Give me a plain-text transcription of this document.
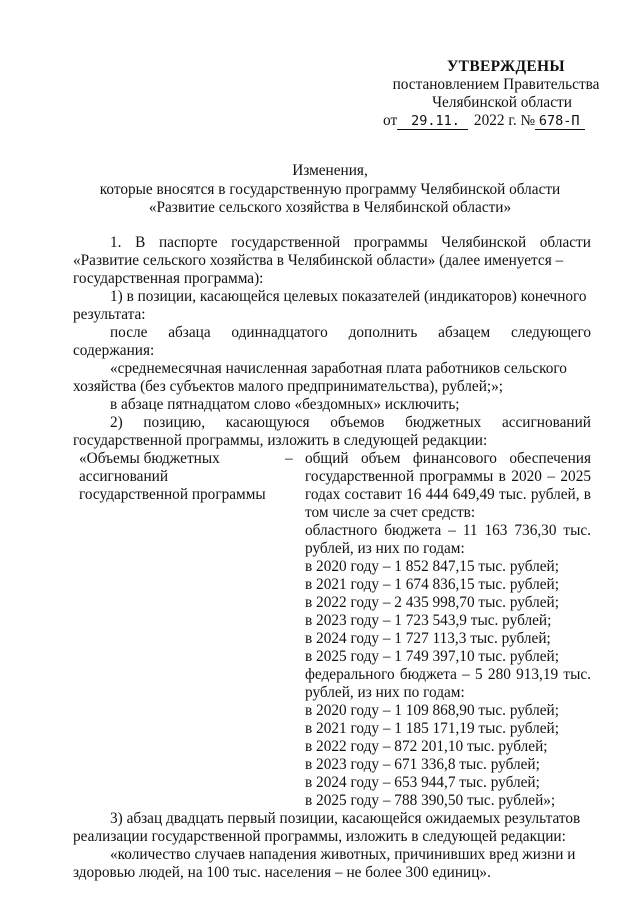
УТВЕРЖДЕНЫ
постановлением Правительства
Челябинской области
от	29.11. 2022 г. № 678-П
Изменения,
которые вносятся в государственную программу Челябинской области
«Развитие сельского хозяйства в Челябинской области»
1. В паспорте государственной программы Челябинской области
«Развитие сельского хозяйства в Челябинской области» (далее именуется –
государственная программа):
1) в позиции, касающейся целевых показателей (индикаторов) конечного
результата:
после абзаца одиннадцатого дополнить абзацем следующего содержания:
«среднемесячная начисленная заработная плата работников сельского
хозяйства (без субъектов малого предпринимательства), рублей;»;
в абзаце пятнадцатом слово «бездомных» исключить;
2) позицию, касающуюся объемов бюджетных ассигнований
государственной программы, изложить в следующей редакции:
«Объемы бюджетных
ассигнований
государственной программы
– общий объем финансового обеспечения государственной программы в 2020 – 2025 годах составит 16 444 649,49 тыс. рублей, в том числе за счет средств:
областного бюджета – 11 163 736,30 тыс. рублей, из них по годам:
в 2020 году – 1 852 847,15 тыс. рублей;
в 2021 году – 1 674 836,15 тыс. рублей;
в 2022 году – 2 435 998,70 тыс. рублей;
в 2023 году – 1 723 543,9 тыс. рублей;
в 2024 году – 1 727 113,3 тыс. рублей;
в 2025 году – 1 749 397,10 тыс. рублей;
федерального бюджета – 5 280 913,19 тыс. рублей, из них по годам:
в 2020 году – 1 109 868,90 тыс. рублей;
в 2021 году – 1 185 171,19 тыс. рублей;
в 2022 году – 872 201,10 тыс. рублей;
в 2023 году – 671 336,8 тыс. рублей;
в 2024 году – 653 944,7 тыс. рублей;
в 2025 году – 788 390,50 тыс. рублей»;
3) абзац двадцать первый позиции, касающейся ожидаемых результатов
реализации государственной программы, изложить в следующей редакции:
«количество случаев нападения животных, причинивших вред жизни и
здоровью людей, на 100 тыс. населения – не более 300 единиц».
